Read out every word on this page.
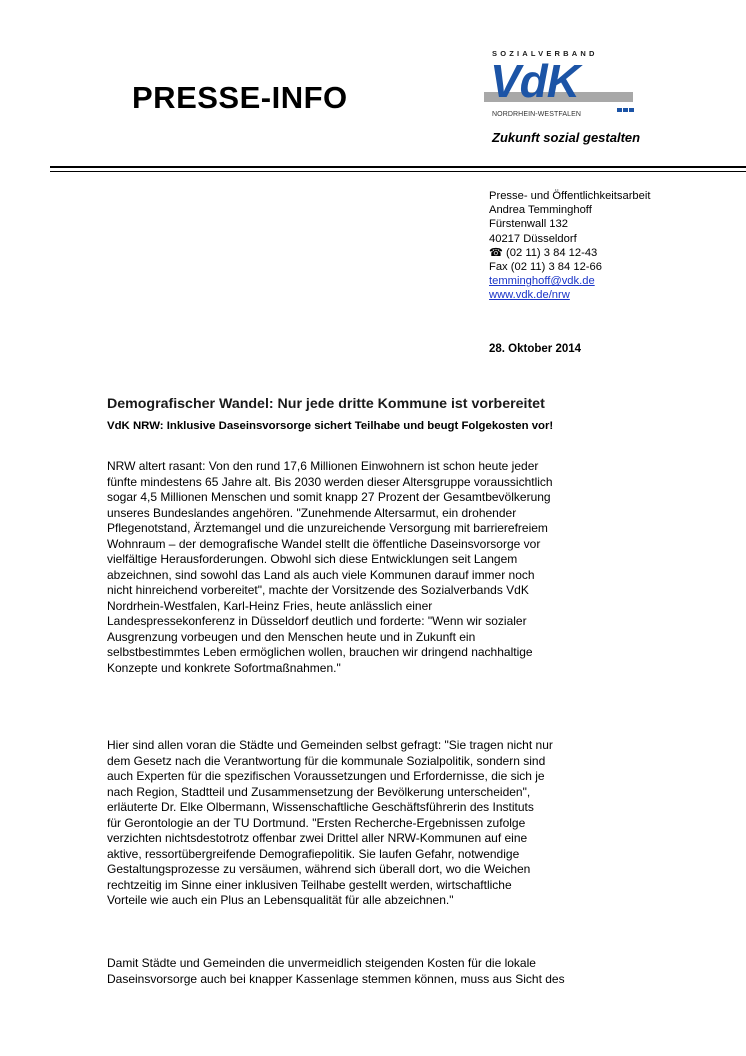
PRESSE-INFO
SOZIALVERBAND
VdK
NORDRHEIN-WESTFALEN
Zukunft sozial gestalten
Presse- und Öffentlichkeitsarbeit
Andrea Temminghoff
Fürstenwall 132
40217 Düsseldorf
☎ (02 11) 3 84 12-43
Fax (02 11) 3 84 12-66
temminghoff@vdk.de
www.vdk.de/nrw
28. Oktober 2014
Demografischer Wandel: Nur jede dritte Kommune ist vorbereitet
VdK NRW: Inklusive Daseinsvorsorge sichert Teilhabe und beugt Folgekosten vor!
NRW altert rasant: Von den rund 17,6 Millionen Einwohnern ist schon heute jeder
fünfte mindestens 65 Jahre alt. Bis 2030 werden dieser Altersgruppe voraussichtlich
sogar 4,5 Millionen Menschen und somit knapp 27 Prozent der Gesamtbevölkerung
unseres Bundeslandes angehören. "Zunehmende Altersarmut, ein drohender
Pflegenotstand, Ärztemangel und die unzureichende Versorgung mit barrierefreiem
Wohnraum – der demografische Wandel stellt die öffentliche Daseinsvorsorge vor
vielfältige Herausforderungen. Obwohl sich diese Entwicklungen seit Langem
abzeichnen, sind sowohl das Land als auch viele Kommunen darauf immer noch
nicht hinreichend vorbereitet", machte der Vorsitzende des Sozialverbands VdK
Nordrhein-Westfalen, Karl-Heinz Fries, heute anlässlich einer
Landespressekonferenz in Düsseldorf deutlich und forderte: "Wenn wir sozialer
Ausgrenzung vorbeugen und den Menschen heute und in Zukunft ein
selbstbestimmtes Leben ermöglichen wollen, brauchen wir dringend nachhaltige
Konzepte und konkrete Sofortmaßnahmen."
Hier sind allen voran die Städte und Gemeinden selbst gefragt: "Sie tragen nicht nur
dem Gesetz nach die Verantwortung für die kommunale Sozialpolitik, sondern sind
auch Experten für die spezifischen Voraussetzungen und Erfordernisse, die sich je
nach Region, Stadtteil und Zusammensetzung der Bevölkerung unterscheiden",
erläuterte Dr. Elke Olbermann, Wissenschaftliche Geschäftsführerin des Instituts
für Gerontologie an der TU Dortmund. "Ersten Recherche-Ergebnissen zufolge
verzichten nichtsdestotrotz offenbar zwei Drittel aller NRW-Kommunen auf eine
aktive, ressortübergreifende Demografiepolitik. Sie laufen Gefahr, notwendige
Gestaltungsprozesse zu versäumen, während sich überall dort, wo die Weichen
rechtzeitig im Sinne einer inklusiven Teilhabe gestellt werden, wirtschaftliche
Vorteile wie auch ein Plus an Lebensqualität für alle abzeichnen."
Damit Städte und Gemeinden die unvermeidlich steigenden Kosten für die lokale
Daseinsvorsorge auch bei knapper Kassenlage stemmen können, muss aus Sicht des
